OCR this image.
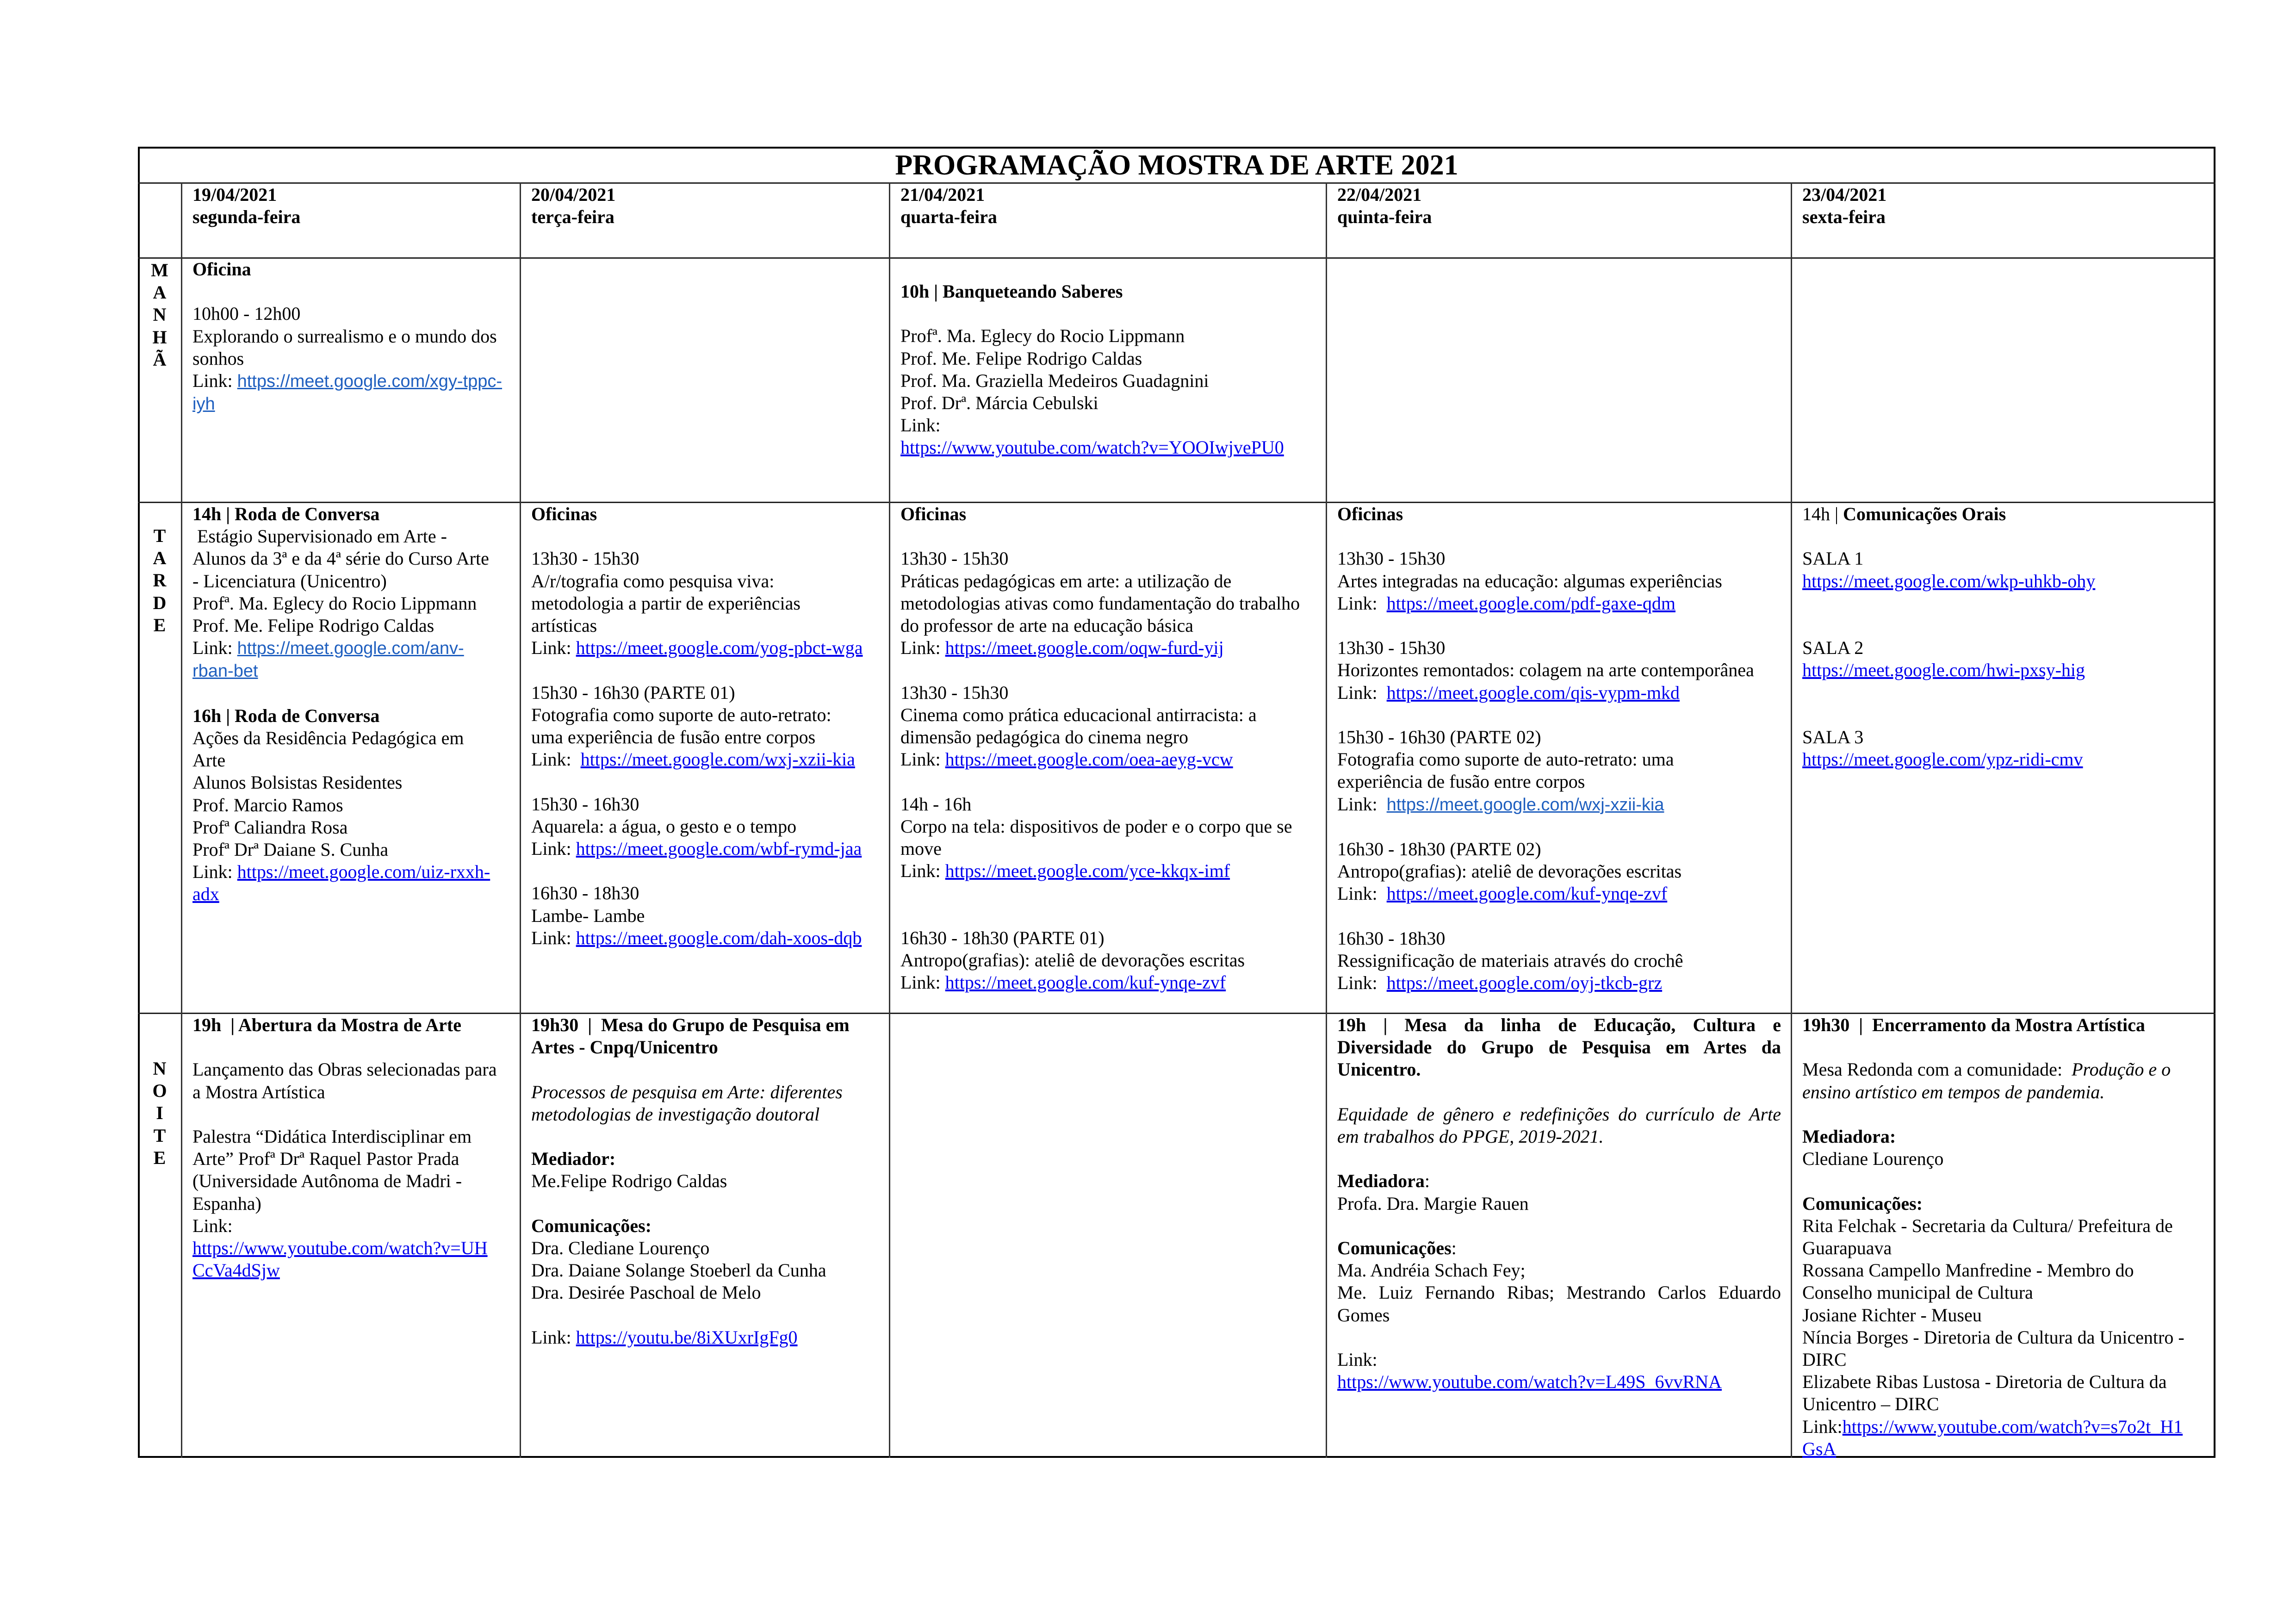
PROGRAMAÇÃO MOSTRA DE ARTE 2021
19/04/2021
segunda-feira
20/04/2021
terça-feira
21/04/2021
quarta-feira
22/04/2021
quinta-feira
23/04/2021
sexta-feira
M
A
N
H
Ã
T
A
R
D
E
N
O
I
T
E
Oficina
10h00 - 12h00
Explorando o surrealismo e o mundo dos
sonhos
Link: https://meet.google.com/xgy-tppc-
iyh
10h | Banqueteando Saberes
Profª. Ma. Eglecy do Rocio Lippmann
Prof. Me. Felipe Rodrigo Caldas
Prof. Ma. Graziella Medeiros Guadagnini
Prof. Drª. Márcia Cebulski
Link:
https://www.youtube.com/watch?v=YOOIwjvePU0
14h | Roda de Conversa
Estágio Supervisionado em Arte -
Alunos da 3ª e da 4ª série do Curso Arte
- Licenciatura (Unicentro)
Profª. Ma. Eglecy do Rocio Lippmann
Prof. Me. Felipe Rodrigo Caldas
Link: https://meet.google.com/anv-
rban-bet
16h | Roda de Conversa
Ações da Residência Pedagógica em
Arte
Alunos Bolsistas Residentes
Prof. Marcio Ramos
Profª Caliandra Rosa
Profª Drª Daiane S. Cunha
Link: https://meet.google.com/uiz-rxxh-
adx
Oficinas
13h30 - 15h30
A/r/tografia como pesquisa viva:
metodologia a partir de experiências
artísticas
Link: https://meet.google.com/yog-pbct-wga
15h30 - 16h30 (PARTE 01)
Fotografia como suporte de auto-retrato:
uma experiência de fusão entre corpos
Link:  https://meet.google.com/wxj-xzii-kia
15h30 - 16h30
Aquarela: a água, o gesto e o tempo
Link: https://meet.google.com/wbf-rymd-jaa
16h30 - 18h30
Lambe- Lambe
Link: https://meet.google.com/dah-xoos-dqb
Oficinas
13h30 - 15h30
Práticas pedagógicas em arte: a utilização de
metodologias ativas como fundamentação do trabalho
do professor de arte na educação básica
Link: https://meet.google.com/oqw-furd-yij
13h30 - 15h30
Cinema como prática educacional antirracista: a
dimensão pedagógica do cinema negro
Link: https://meet.google.com/oea-aeyg-vcw
14h - 16h
Corpo na tela: dispositivos de poder e o corpo que se
move
Link: https://meet.google.com/yce-kkqx-imf
16h30 - 18h30 (PARTE 01)
Antropo(grafias): ateliê de devorações escritas
Link: https://meet.google.com/kuf-ynqe-zvf
Oficinas
13h30 - 15h30
Artes integradas na educação: algumas experiências
Link:  https://meet.google.com/pdf-gaxe-qdm
13h30 - 15h30
Horizontes remontados: colagem na arte contemporânea
Link:  https://meet.google.com/qis-vypm-mkd
15h30 - 16h30 (PARTE 02)
Fotografia como suporte de auto-retrato: uma
experiência de fusão entre corpos
Link:  https://meet.google.com/wxj-xzii-kia
16h30 - 18h30 (PARTE 02)
Antropo(grafias): ateliê de devorações escritas
Link:  https://meet.google.com/kuf-ynqe-zvf
16h30 - 18h30
Ressignificação de materiais através do crochê
Link:  https://meet.google.com/oyj-tkcb-grz
14h | Comunicações Orais
SALA 1
https://meet.google.com/wkp-uhkb-ohy
SALA 2
https://meet.google.com/hwi-pxsy-hig
SALA 3
https://meet.google.com/ypz-ridi-cmv
19h  | Abertura da Mostra de Arte
Lançamento das Obras selecionadas para
a Mostra Artística
Palestra “Didática Interdisciplinar em
Arte” Profª Drª Raquel Pastor Prada
(Universidade Autônoma de Madri -
Espanha)
Link:
https://www.youtube.com/watch?v=UH
CcVa4dSjw
19h30  |  Mesa do Grupo de Pesquisa em
Artes - Cnpq/Unicentro
Processos de pesquisa em Arte: diferentes
metodologias de investigação doutoral
Mediador:
Me.Felipe Rodrigo Caldas
Comunicações:
Dra. Clediane Lourenço
Dra. Daiane Solange Stoeberl da Cunha
Dra. Desirée Paschoal de Melo
Link: https://youtu.be/8iXUxrIgFg0
19h | Mesa da linha de Educação, Cultura e
Diversidade do Grupo de Pesquisa em Artes da
Unicentro.
Equidade de gênero e redefinições do currículo de Arte
em trabalhos do PPGE, 2019-2021.
Mediadora:
Profa. Dra. Margie Rauen
Comunicações:
Ma. Andréia Schach Fey;
Me. Luiz Fernando Ribas; Mestrando Carlos Eduardo
Gomes
Link:
https://www.youtube.com/watch?v=L49S_6vvRNA
19h30  |  Encerramento da Mostra Artística
Mesa Redonda com a comunidade:  Produção e o
ensino artístico em tempos de pandemia.
Mediadora:
Clediane Lourenço
Comunicações:
Rita Felchak - Secretaria da Cultura/ Prefeitura de
Guarapuava
Rossana Campello Manfredine - Membro do
Conselho municipal de Cultura
Josiane Richter - Museu
Níncia Borges - Diretoria de Cultura da Unicentro -
DIRC
Elizabete Ribas Lustosa - Diretoria de Cultura da
Unicentro – DIRC
Link:https://www.youtube.com/watch?v=s7o2t_H1
GsA
